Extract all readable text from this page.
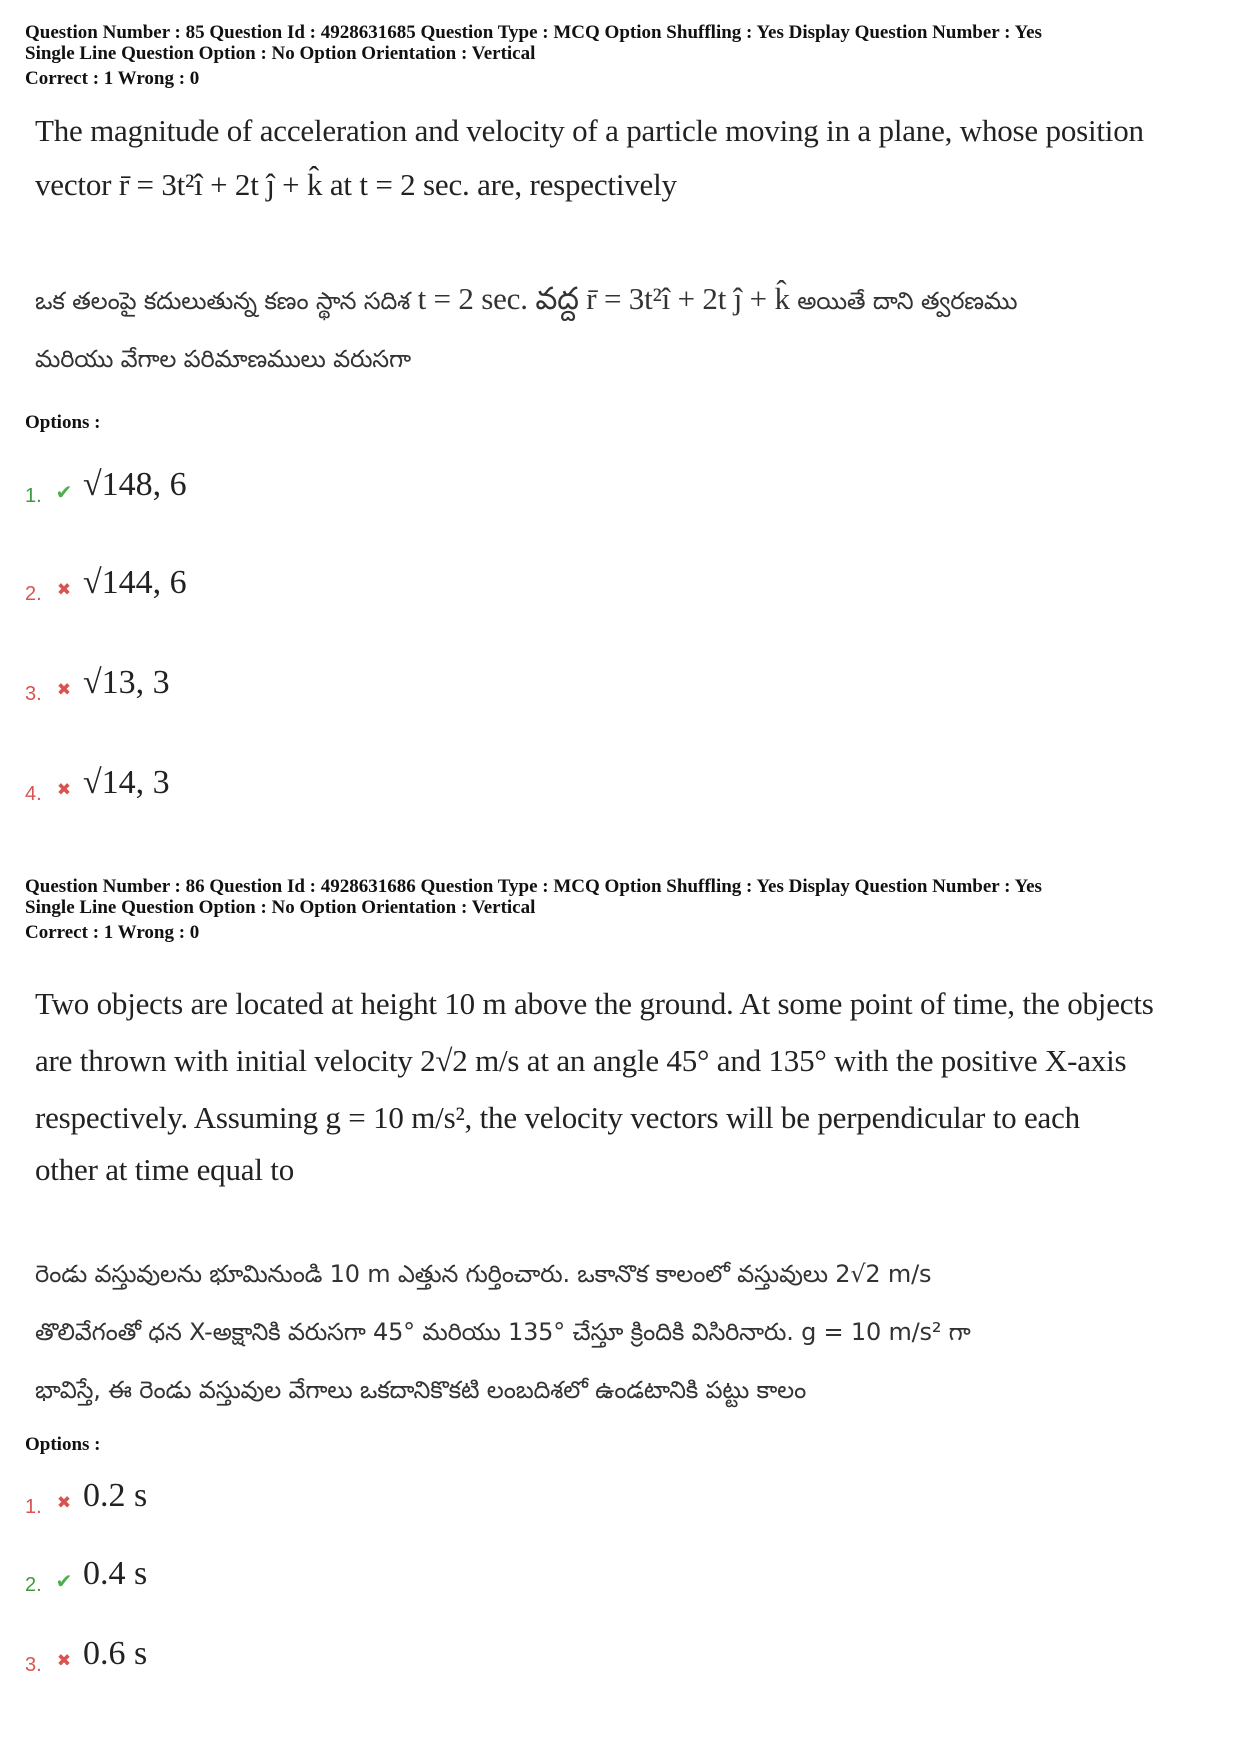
Question Number : 85 Question Id : 4928631685 Question Type : MCQ Option Shuffling : Yes Display Question Number : Yes

Single Line Question Option : No Option Orientation : Vertical

Correct : 1 Wrong : 0

The magnitude of acceleration and velocity of a particle moving in a plane, whose position
vector r̄ = 3t²î + 2t ĵ + k̂ at t = 2 sec. are, respectively
ఒక తలంపై కదులుతున్న కణం స్థాన సదిశ t = 2 sec. వద్ద r̄ = 3t²î + 2t ĵ + k̂ అయితే దాని త్వరణము
మరియు వేగాల పరిమాణములు వరుసగా

Options :

1. ✔ √148, 6
2. ✖ √144, 6
3. ✖ √13, 3
4. ✖ √14, 3

Question Number : 86 Question Id : 4928631686 Question Type : MCQ Option Shuffling : Yes Display Question Number : Yes

Single Line Question Option : No Option Orientation : Vertical

Correct : 1 Wrong : 0

Two objects are located at height 10 m above the ground. At some point of time, the objects
are thrown with initial velocity 2√2 m/s at an angle 45° and 135° with the positive X-axis
respectively. Assuming g = 10 m/s², the velocity vectors will be perpendicular to each
other at time equal to
రెండు వస్తువులను భూమినుండి 10 m ఎత్తున గుర్తించారు. ఒకానొక కాలంలో వస్తువులు 2√2 m/s
తొలివేగంతో ధన X-అక్షానికి వరుసగా 45° మరియు 135° చేస్తూ క్రిందికి విసిరినారు. g = 10 m/s² గా
భావిస్తే, ఈ రెండు వస్తువుల వేగాలు ఒకదానికొకటి లంబదిశలో ఉండటానికి పట్టు కాలం

Options :

1. ✖ 0.2 s
2. ✔ 0.4 s
3. ✖ 0.6 s
